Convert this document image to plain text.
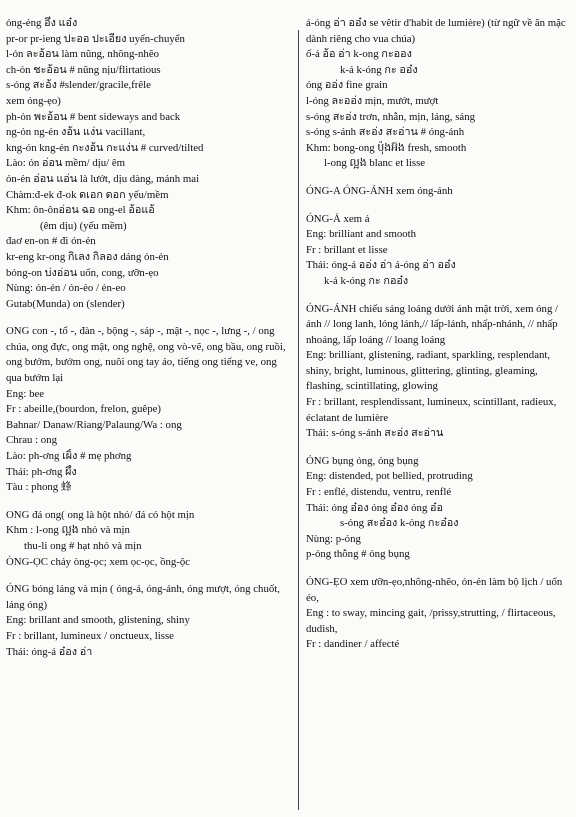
ỏng-ẻng อึ๋ง แอ๋ง
pr-or pr-ieng ปะออ ปะเอียง uyển-chuyển
l-ỏn ละอ้อน làm nũng, nhõng-nhẽo
ch-ỏn ชะอ้อน # nũng nịu/flirtatious
s-ỏng สะอ้ง #slender/gracile,frêle
xem ỏng-ẹo)
ph-ỏn พะอ้อน # bent sideways and back
ng-ỏn ng-ẻn งอ้น แง่น vacillant,
kng-ỏn kng-ẻn กะงอ้น กะแง่น # curved/tilted
Lào: ỏn อ่อน mềm/ dịu/ êm
ỏn-ẻn อ่อน แอ่น là lướt, dịu dàng, mảnh mai
Chàm:đ-ek đ-ok ดเอก ดอก yếu/mềm
Khm: ôn-ônอ่อน ฉอ ong-el อ้อแอ้
(êm dịu) (yếu mềm)
đaơ en-on # đi ỏn-ẻn
kr-eng kr-ong กิเลง กิลอง dáng ỏn-ẻn
bỏng-on บ่งอ่อน uốn, cong, ưỡn-ẹo
Nùng: ỏn-ẻn / ỏn-ẻo / ẻn-eo
Gutab(Munda) on (slender)
ONG con -, tổ -, đàn -, bộng -, sáp -, mật -, nọc -, lưng -, / ong chúa, ong đực, ong mật, ong nghệ, ong vò-vẽ, ong bầu, ong ruồi, ong bướm, bướm ong, nuôi ong tay áo, tiếng ong tiếng ve, ong qua bướm lại
Eng: bee
Fr : abeille,(bourdon, frelon, guêpe)
Bahnar/ Danaw/Riang/Palaung/Wa : ong
Chrau : ong
Lào: ph-ơng เผิ้ง # mẹ phơng
Thái: ph-ơng ผึ้ง
Tàu : phong 蜂
ONG đá ong( ong là hột nhỏ/ đá có hột mịn
Khm : l-ong ល្អង nhỏ và mịn
thu-li ong # hạt nhỏ và mịn
ÒNG-ỌC chảy òng-ọc; xem ọc-ọc, ồng-ộc
ÓNG bóng láng và mịn ( óng-ả, óng-ánh, óng mượt, óng chuốt, láng óng)
Eng: brillant and smooth, glistening, shiny
Fr : brillant, lumineux / onctueux, lisse
Thái: óng-ả อ๋อง อ่า
á-óng อ่า ออ๋ง se vêtir d'habit de lumière) (từ ngữ về ăn mặc dành riêng cho vua chúa)
ố-ả อ้อ อ่า k-ong กะออง
k-ả k-óng กะ ออ๋ง
óng ออ่ง fine grain
l-óng ละออ่ง mịn, mướt, mượt
s-óng สะอ่ง trơn, nhẵn, mịn, láng, sáng
s-óng s-ánh สะอ่ง สะอ่าน # óng-ánh
Khm: bong-ong ប៉ុងអ៊ង fresh, smooth
l-ong ល្អង blanc et lisse
ÓNG-A ÓNG-ÁNH xem óng-ánh
ÓNG-Ả xem ả
Eng: brilliant and smooth
Fr : brillant et lisse
Thái: óng-ả ออ่ง อ่า á-óng อ่า ออ๋ง
k-ả k-óng กะ กออ๋ง
ÓNG-ÁNH chiếu sáng loáng dưới ánh mặt trời, xem óng / ánh // long lanh, lóng lánh,// lấp-lánh, nhấp-nhánh, // nhấp nhoáng, lấp loáng // loang loáng
Eng: brilliant, glistening, radiant, sparkling, resplendant, shiny, bright, luminous, glittering, glinting, gleaming, flashing, scintillating, glowing
Fr : brillant, resplendissant, lumineux, scintillant, radieux, éclatant de lumière
Thái: s-óng s-ánh สะอ่ง สะอ่าน
ỎNG bụng ỏng, ỏng bụng
Eng: distended, pot bellied, protruding
Fr : enflé, distendu, ventru, renflé
Thái: ỏng อ๋อง ỏng อ๋อง ỏng อ๋อ
s-ỏng สะอ๋อง k-ỏng กะอ๋อง
Nùng: p-ỏng
p-ỏng thỗng # ỏng bụng
ỎNG-ẸO xem ưỡn-ẹo,nhõng-nhẽo, ỏn-ẻn làm bộ lịch / uốn éo,
Eng : to sway, mincing gait, /prissy,strutting, / flirtaceous, dudish,
Fr : dandiner / affecté
